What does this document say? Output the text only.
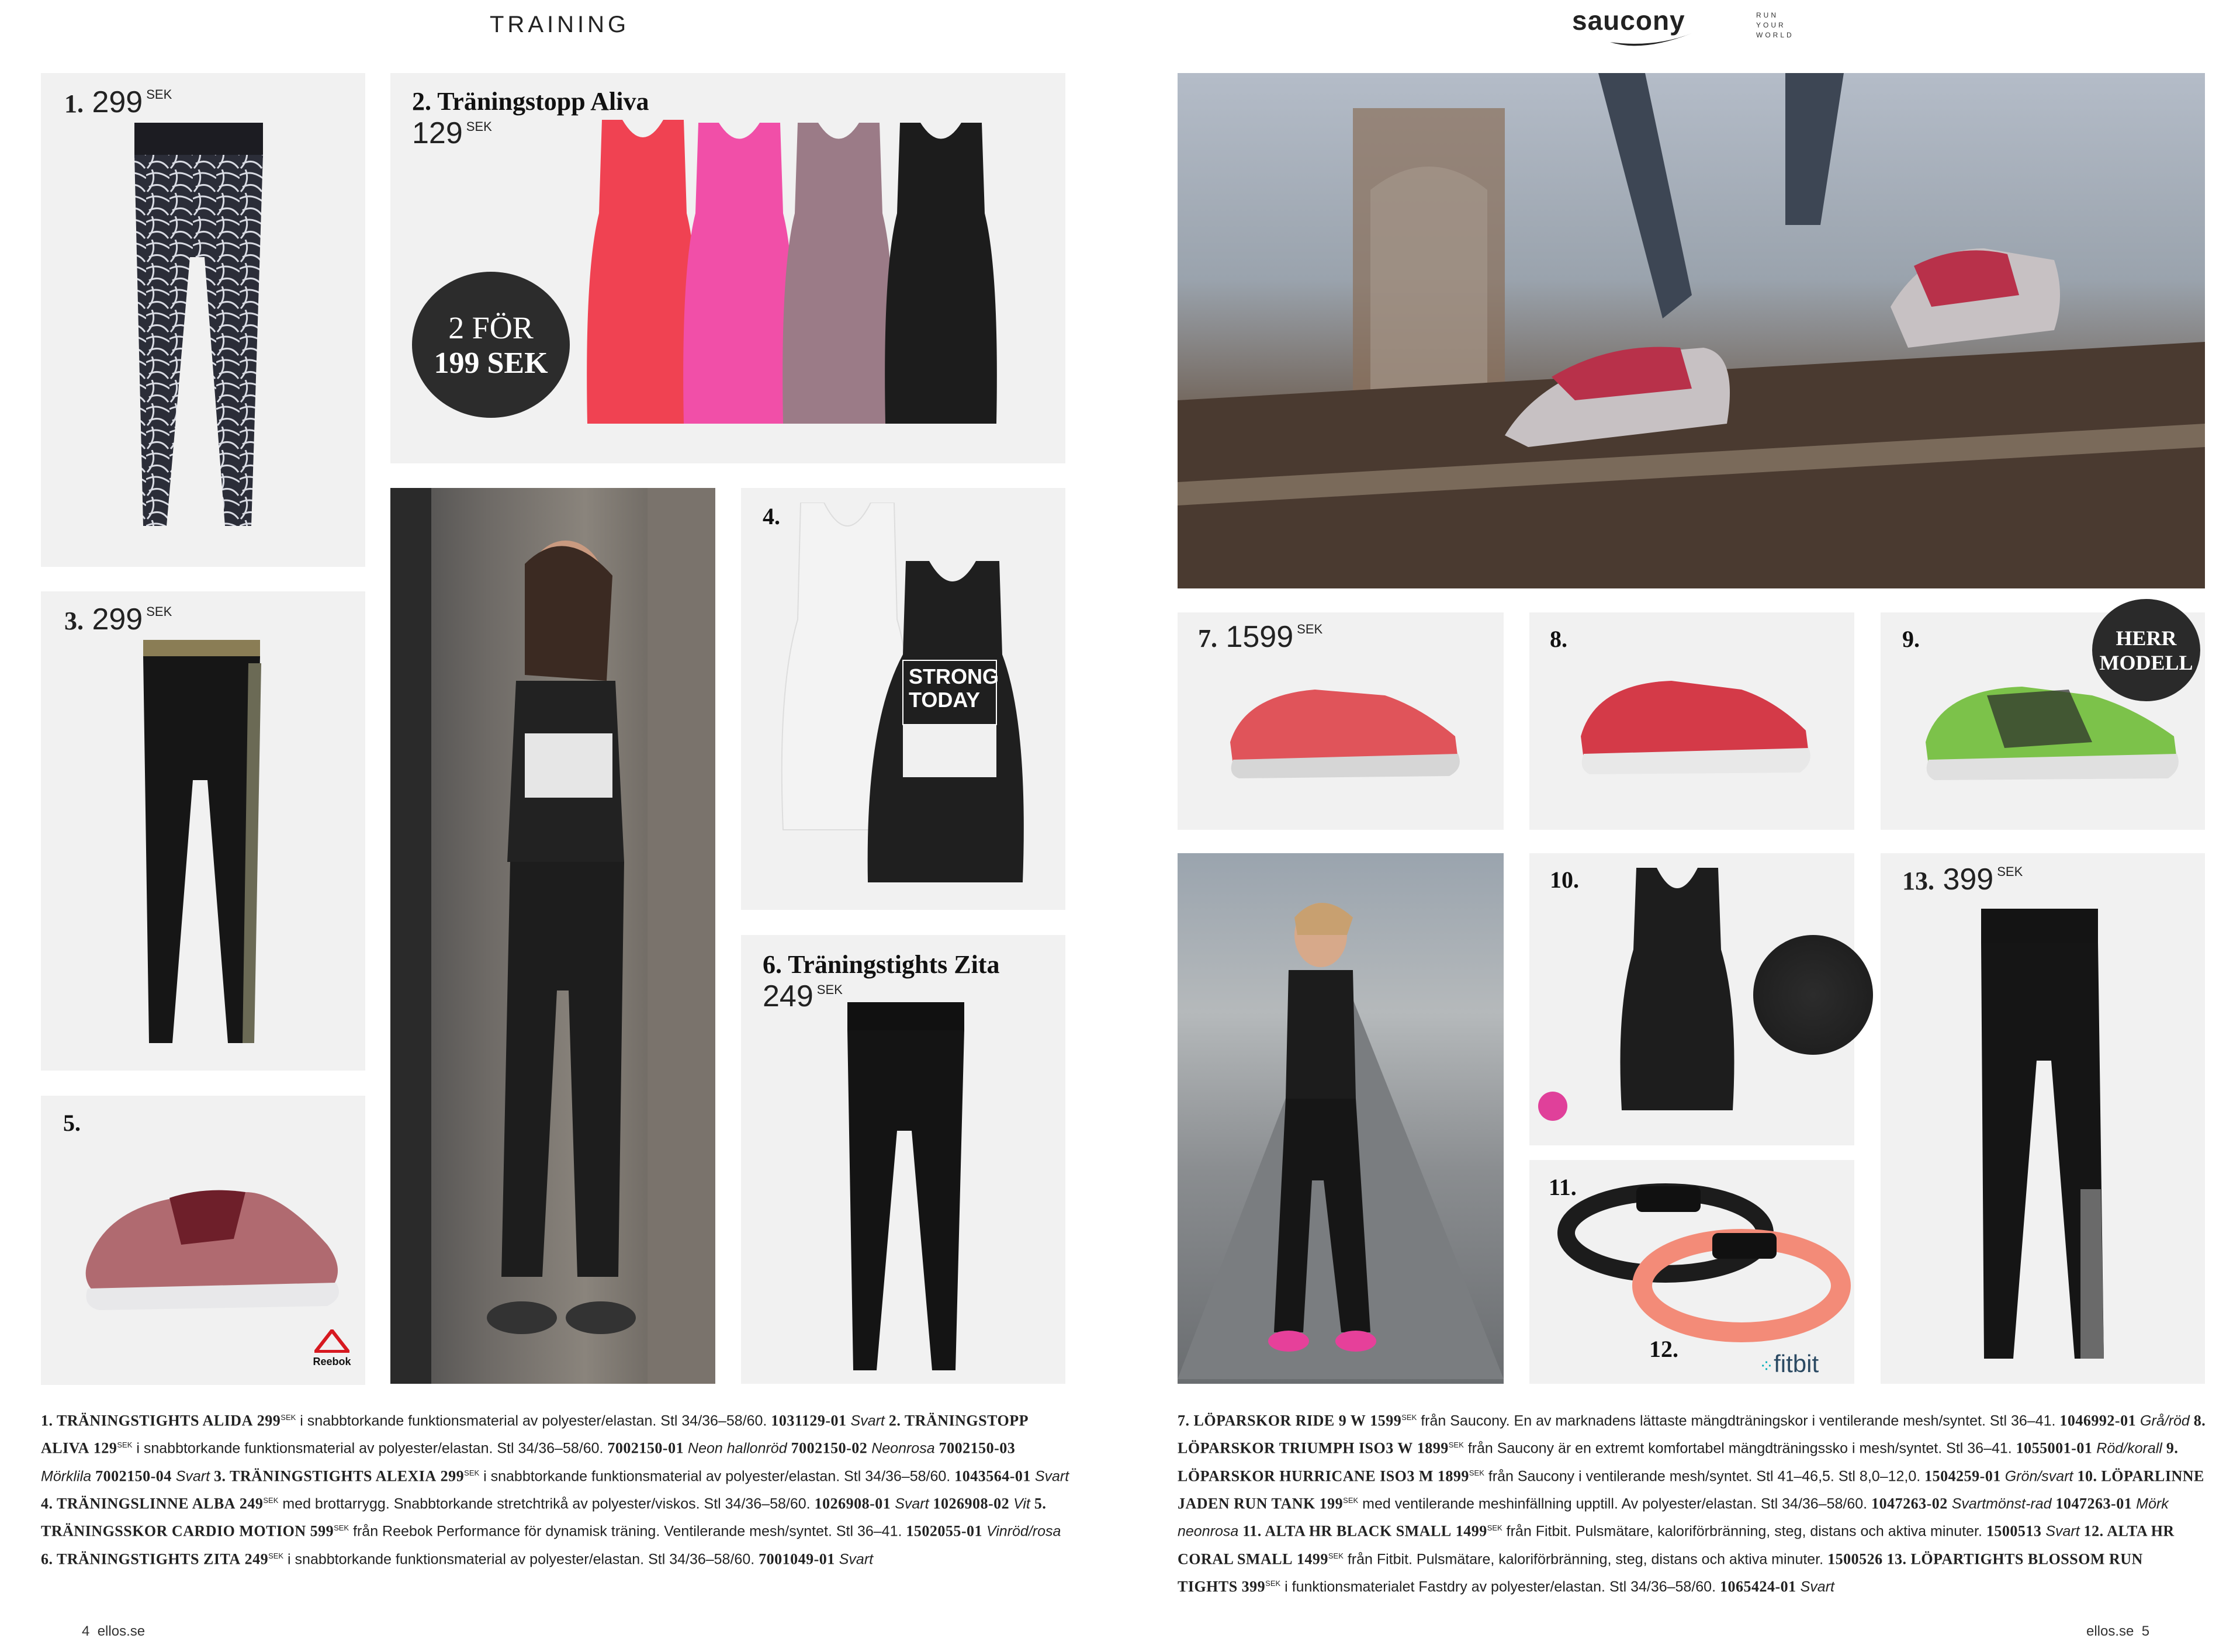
TRAINING	saucony	RUN
YOUR
WORLD
1. 299 $^{SEK}$	2. Träningstopp Aliva
129 $^{SEK}$
2 FÖR
199 SEK
3. 299 $^{SEK}$
5.
Reebok
4.
STRONG
TODAY
6. Träningstights Zita
249 $^{SEK}$
1. TRÄNINGSTIGHTS ALIDA $299^{SEK}$ i snabbtorkande funktionsmaterial av polyester/elastan. Stl 34/36–58/60. 1031129-01 Svart 2. TRÄNINGSTOPP ALIVA $129^{SEK}$ i snabbtorkande funktionsmaterial av polyester/elastan. Stl 34/36–58/60. 7002150-01 Neon hallonröd 7002150-02 Neonrosa 7002150-03 Mörklila 7002150-04 Svart 3. TRÄNINGSTIGHTS ALEXIA $299^{SEK}$ i snabbtorkande funktionsmaterial av polyester/elastan. Stl 34/36–58/60. 1043564-01 Svart 4. TRÄNINGSLINNE ALBA $249^{SEK}$ med brottarrygg. Snabbtorkande stretchtrikå av polyester/viskos. Stl 34/36–58/60. 1026908-01 Svart 1026908-02 Vit 5. TRÄNINGSSKOR CARDIO MOTION $599^{SEK}$ från Reebok Performance för dynamisk träning. Ventilerande mesh/syntet. Stl 36–41. 1502055-01 Vinröd/rosa 6. TRÄNINGSTIGHTS ZITA $249^{SEK}$ i snabbtorkande funktionsmaterial av polyester/elastan. Stl 34/36–58/60. 7001049-01 Svart
7. 1599 $^{SEK}$	8.	9.	HERR
MODELL
10.
11.
12.
⁘fitbit
13. 399 $^{SEK}$
7. LÖPARSKOR RIDE 9 W $1599^{SEK}$ från Saucony. En av marknadens lättaste mängdträningskor i ventilerande mesh/syntet. Stl 36–41. 1046992-01 Grå/röd 8. LÖPARSKOR TRIUMPH ISO3 W $1899^{SEK}$ från Saucony är en extremt komfortabel mängdträningssko i mesh/syntet. Stl 36–41. 1055001-01 Röd/korall 9. LÖPARSKOR HURRICANE ISO3 M $1899^{SEK}$ från Saucony i ventilerande mesh/syntet. Stl 41–46,5. Stl 8,0–12,0. 1504259-01 Grön/svart 10. LÖPARLINNE JADEN RUN TANK $199^{SEK}$ med ventilerande meshinfällning upptill. Av polyester/elastan. Stl 34/36–58/60. 1047263-02 Svartmönst-rad 1047263-01 Mörk neonrosa 11. ALTA HR BLACK SMALL $1499^{SEK}$ från Fitbit. Pulsmätare, kaloriförbränning, steg, distans och aktiva minuter. 1500513 Svart 12. ALTA HR CORAL SMALL $1499^{SEK}$ från Fitbit. Pulsmätare, kaloriförbränning, steg, distans och aktiva minuter. 1500526 13. LÖPARTIGHTS BLOSSOM RUN TIGHTS $399^{SEK}$ i funktionsmaterialet Fastdry av polyester/elastan. Stl 34/36–58/60. 1065424-01 Svart
4 ellos.se	ellos.se 5
